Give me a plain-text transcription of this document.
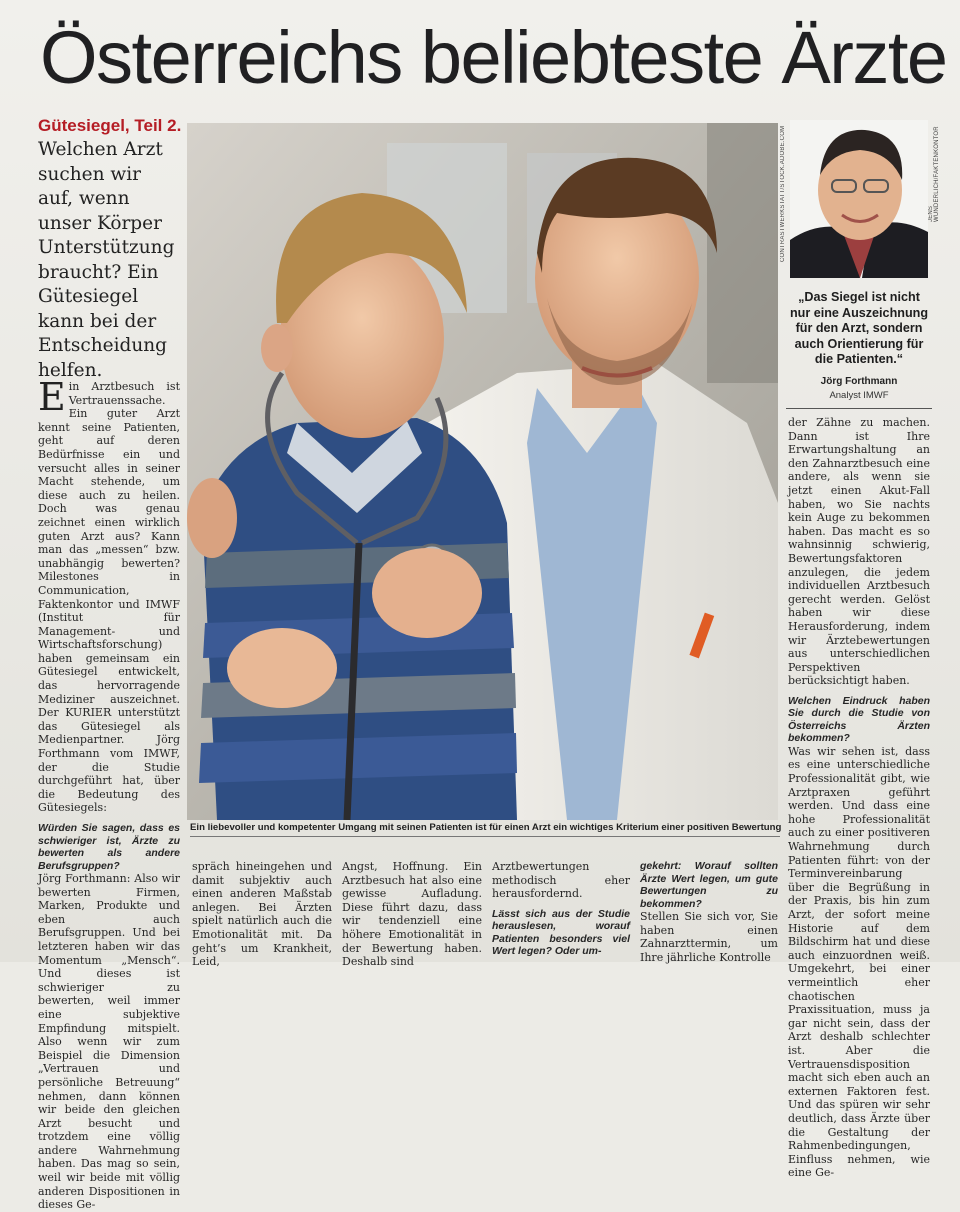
Österreichs beliebteste Ärzte
Gütesiegel, Teil 2.
Welchen Arzt suchen wir auf, wenn unser Körper Unterstützung braucht? Ein Gütesiegel kann bei der Entscheidung helfen.

Ein Arztbesuch ist Vertrauenssache. Ein guter Arzt kennt seine Patienten, geht auf deren Bedürfnisse ein und versucht alles in seiner Macht stehende, um diese auch zu heilen. Doch was genau zeichnet einen wirklich guten Arzt aus? Kann man das „messen“ bzw. unabhängig bewerten? Milestones in Communication, Faktenkontor und IMWF (Institut für Management- und Wirtschaftsforschung) haben gemeinsam ein Gütesiegel entwickelt, das hervorragende Mediziner auszeichnet. Der KURIER unterstützt das Gütesiegel als Medienpartner. Jörg Forthmann vom IMWF, der die Studie durchgeführt hat, über die Bedeutung des Gütesiegels:

Würden Sie sagen, dass es schwieriger ist, Ärzte zu bewerten als andere Berufsgruppen?

Jörg Forthmann: Also wir bewerten Firmen, Marken, Produkte und eben auch Berufsgruppen. Und bei letzteren haben wir das Momentum „Mensch“. Und dieses ist schwieriger zu bewerten, weil immer eine subjektive Empfindung mitspielt. Also wenn wir zum Beispiel die Dimension „Vertrauen und persönliche Betreuung“ nehmen, dann können wir beide den gleichen Arzt besucht und trotzdem eine völlig andere Wahrnehmung haben. Das mag so sein, weil wir beide mit völlig anderen Dispositionen in dieses Ge-

CONTRASTWERKSTATT/STOCK.ADOBE.COM
Ein liebevoller und kompetenter Umgang mit seinen Patienten ist für einen Arzt ein wichtiges Kriterium einer positiven Bewertung
JENS WUNDERLICH/FAKTENKONTOR
„Das Siegel ist nicht nur eine Auszeichnung für den Arzt, sondern auch Orientierung für die Patienten.“
Jörg Forthmann
Analyst IMWF

der Zähne zu machen. Dann ist Ihre Erwartungshaltung an den Zahnarztbesuch eine andere, als wenn sie jetzt einen Akut-Fall haben, wo Sie nachts kein Auge zu bekommen haben. Das macht es so wahnsinnig schwierig, Bewertungsfaktoren anzulegen, die jedem individuellen Arztbesuch gerecht werden. Gelöst haben wir diese Herausforderung, indem wir Ärztebewertungen aus unterschiedlichen Perspektiven berücksichtigt haben.

Welchen Eindruck haben Sie durch die Studie von Österreichs Ärzten bekommen?

Was wir sehen ist, dass es eine unterschiedliche Professionalität gibt, wie Arztpraxen geführt werden. Und dass eine hohe Professionalität auch zu einer positiveren Wahrnehmung durch Patienten führt: von der Terminvereinbarung über die Begrüßung in der Praxis, bis hin zum Arzt, der sofort meine Historie auf dem Bildschirm hat und diese auch einzuordnen weiß. Umgekehrt, bei einer vermeintlich eher chaotischen Praxissituation, muss ja gar nicht sein, dass der Arzt deshalb schlechter ist. Aber die Vertrauensdisposition macht sich eben auch an externen Faktoren fest. Und das spüren wir sehr deutlich, dass Ärzte über die Gestaltung der Rahmenbedingungen, Einfluss nehmen, wie eine Ge-

spräch hineingehen und damit subjektiv auch einen anderen Maßstab anlegen. Bei Ärzten spielt natürlich auch die Emotionalität mit. Da geht’s um Krankheit, Leid,

Angst, Hoffnung. Ein Arztbesuch hat also eine gewisse Aufladung. Diese führt dazu, dass wir tendenziell eine höhere Emotionalität in der Bewertung haben. Deshalb sind

Arztbewertungen methodisch eher herausfordernd.

Lässt sich aus der Studie herauslesen, worauf Patienten besonders viel Wert legen? Oder um-
gekehrt: Worauf sollten Ärzte Wert legen, um gute Bewertungen zu bekommen?

Stellen Sie sich vor, Sie haben einen Zahnarzttermin, um Ihre jährliche Kontrolle
